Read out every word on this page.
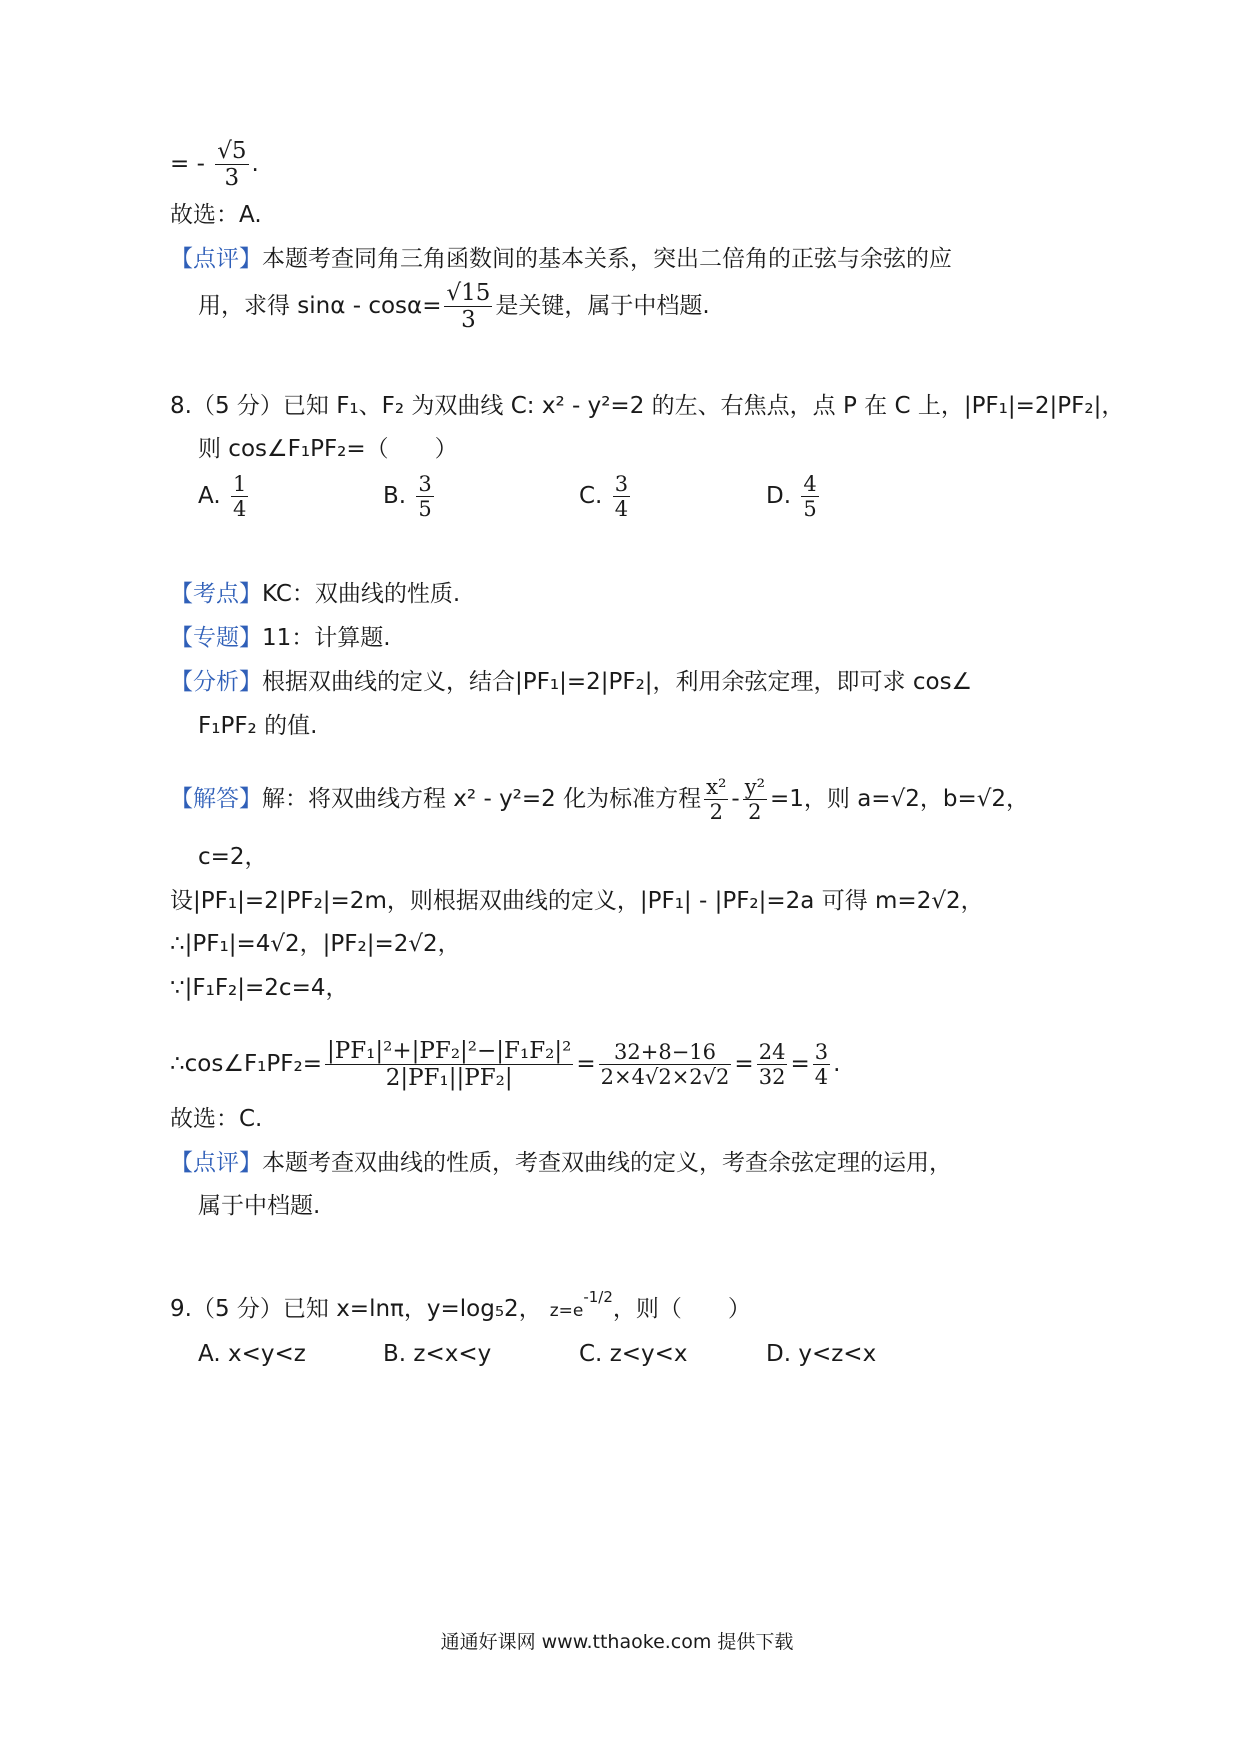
= - $\frac{√5}{3}$ .
故选：A.
【点评】本题考查同角三角函数间的基本关系，突出二倍角的正弦与余弦的应
用，求得 $\sin\alpha - \cos\alpha= \frac{√15}{3}$ 是关键，属于中档题.
8.（5 分）已知 F₁、F₂ 为双曲线 C: x² - y²=2 的左、右焦点，点 P 在 C 上，|PF₁|=2|PF₂|，
则 cos∠F₁PF₂=（　　）
A. $\frac{1}{4}$	B. $\frac{3}{5}$	C. $\frac{3}{4}$	D. $\frac{4}{5}$
【考点】KC：双曲线的性质.
【专题】11：计算题.
【分析】根据双曲线的定义，结合|PF₁|=2|PF₂|，利用余弦定理，即可求 cos∠
F₁PF₂ 的值.
【解答】解：将双曲线方程 x² - y²=2 化为标准方程 $\frac{\text{x²}}{2} - \frac{\text{y²}}{2} =1$，则 a=√2，b=√2，
c=2，
设|PF₁|=2|PF₂|=2m，则根据双曲线的定义，|PF₁| - |PF₂|=2a 可得 m=2√2，
∴|PF₁|=4√2，|PF₂|=2√2，
∵|F₁F₂|=2c=4，
∴cos∠F₁PF₂= $\frac{\text{|PF₁|²+|PF₂|²−|F₁F₂|²}}{\text{2|PF₁||PF₂|}} = \frac{32+8-16}{2\times 4√2\times 2√2} = \frac{24}{32} = \frac{3}{4}$ .
故选：C.
【点评】本题考查双曲线的性质，考查双曲线的定义，考查余弦定理的运用，
属于中档题.
9.（5 分）已知 x=lnπ，y=log₅2， $z=e^{-1/2}$，则（　　）
A. x<y<z	B. z<x<y	C. z<y<x	D. y<z<x
通通好课网 www.tthaoke.com 提供下载
